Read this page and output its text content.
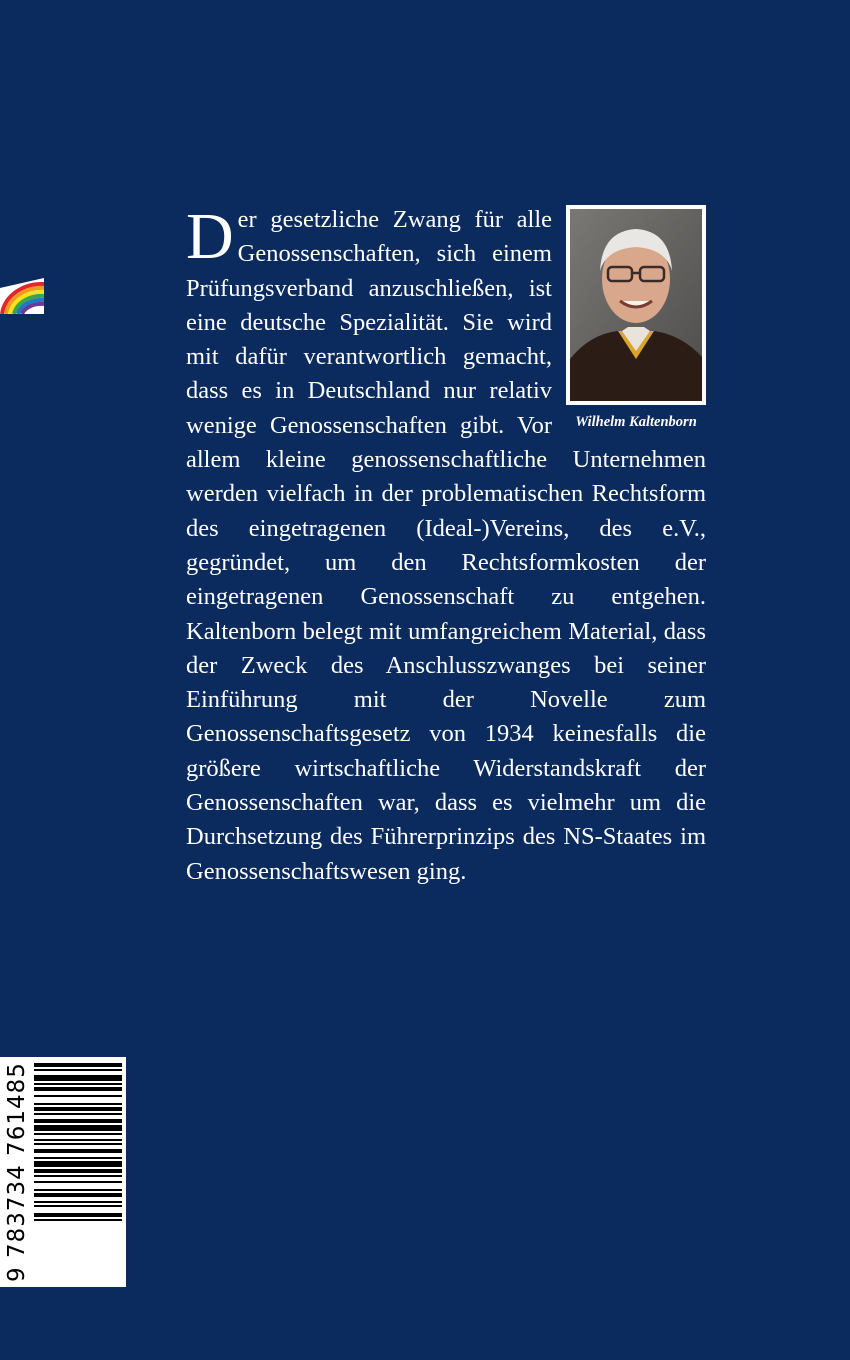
Wilhelm Kaltenborn
D er gesetzliche Zwang für alle Genossenschaften, sich einem Prüfungsverband anzuschließen, ist eine deutsche Spezialität. Sie wird mit dafür verantwortlich gemacht, dass es in Deutschland nur relativ wenige Genossenschaften gibt. Vor allem kleine genossenschaftliche Unternehmen werden vielfach in der problematischen Rechtsform des eingetragenen (Ideal-)Vereins, des e.V., gegründet, um den Rechtsformkosten der eingetragenen Genossenschaft zu entgehen. Kaltenborn belegt mit umfangreichem Material, dass der Zweck des Anschlusszwanges bei seiner Einführung mit der Novelle zum Genossenschaftsgesetz von 1934 keinesfalls die größere wirtschaftliche Widerstandskraft der Genossenschaften war, dass es vielmehr um die Durchsetzung des Führerprinzips des NS-Staates im Genossenschaftswesen ging.
9 783734 761485
